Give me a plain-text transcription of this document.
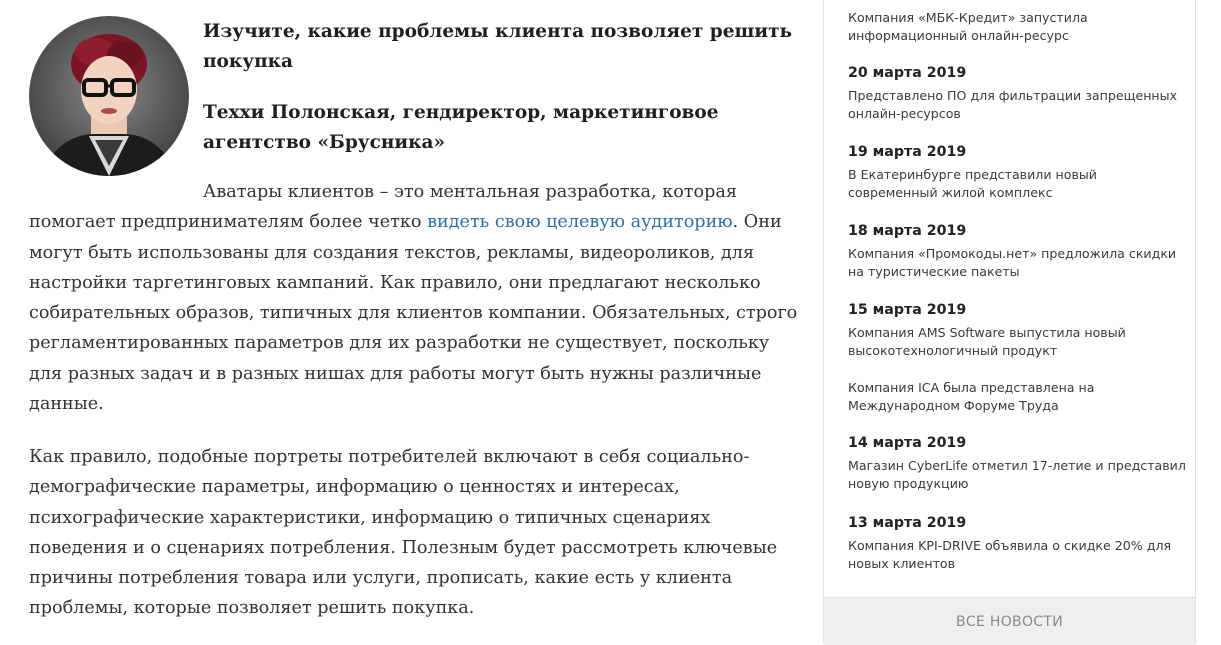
Изучите, какие проблемы клиента позволяет решить покупка
Тexxи Полонская, гендиректор, маркетинговое агентство «Брусника»

Аватары клиентов – это ментальная разработка, которая помогает предпринимателям более четко видеть свою целевую аудиторию. Они могут быть использованы для создания текстов, рекламы, видеороликов, для настройки таргетинговых кампаний. Как правило, они предлагают несколько собирательных образов, типичных для клиентов компании. Обязательных, строго регламентированных параметров для их разработки не существует, поскольку для разных задач и в разных нишах для работы могут быть нужны различные данные.

Как правило, подобные портреты потребителей включают в себя социально-демографические параметры, информацию о ценностях и интересах, психографические характеристики, информацию о типичных сценариях поведения и о сценариях потребления. Полезным будет рассмотреть ключевые причины потребления товара или услуги, прописать, какие есть у клиента проблемы, которые позволяет решить покупка.

Компания «МБК-Кредит» запустила информационный онлайн-ресурс

20 марта 2019

Представлено ПО для фильтрации запрещенных онлайн-ресурсов

19 марта 2019

В Екатеринбурге представили новый современный жилой комплекс

18 марта 2019

Компания «Промокоды.нет» предложила скидки на туристические пакеты

15 марта 2019

Компания AMS Software выпустила новый высокотехнологичный продукт

Компания ICA была представлена на Международном Форуме Труда

14 марта 2019

Магазин CyberLife отметил 17-летие и представил новую продукцию

13 марта 2019

Компания KPI-DRIVE объявила о скидке 20% для новых клиентов

ВСЕ НОВОСТИ
